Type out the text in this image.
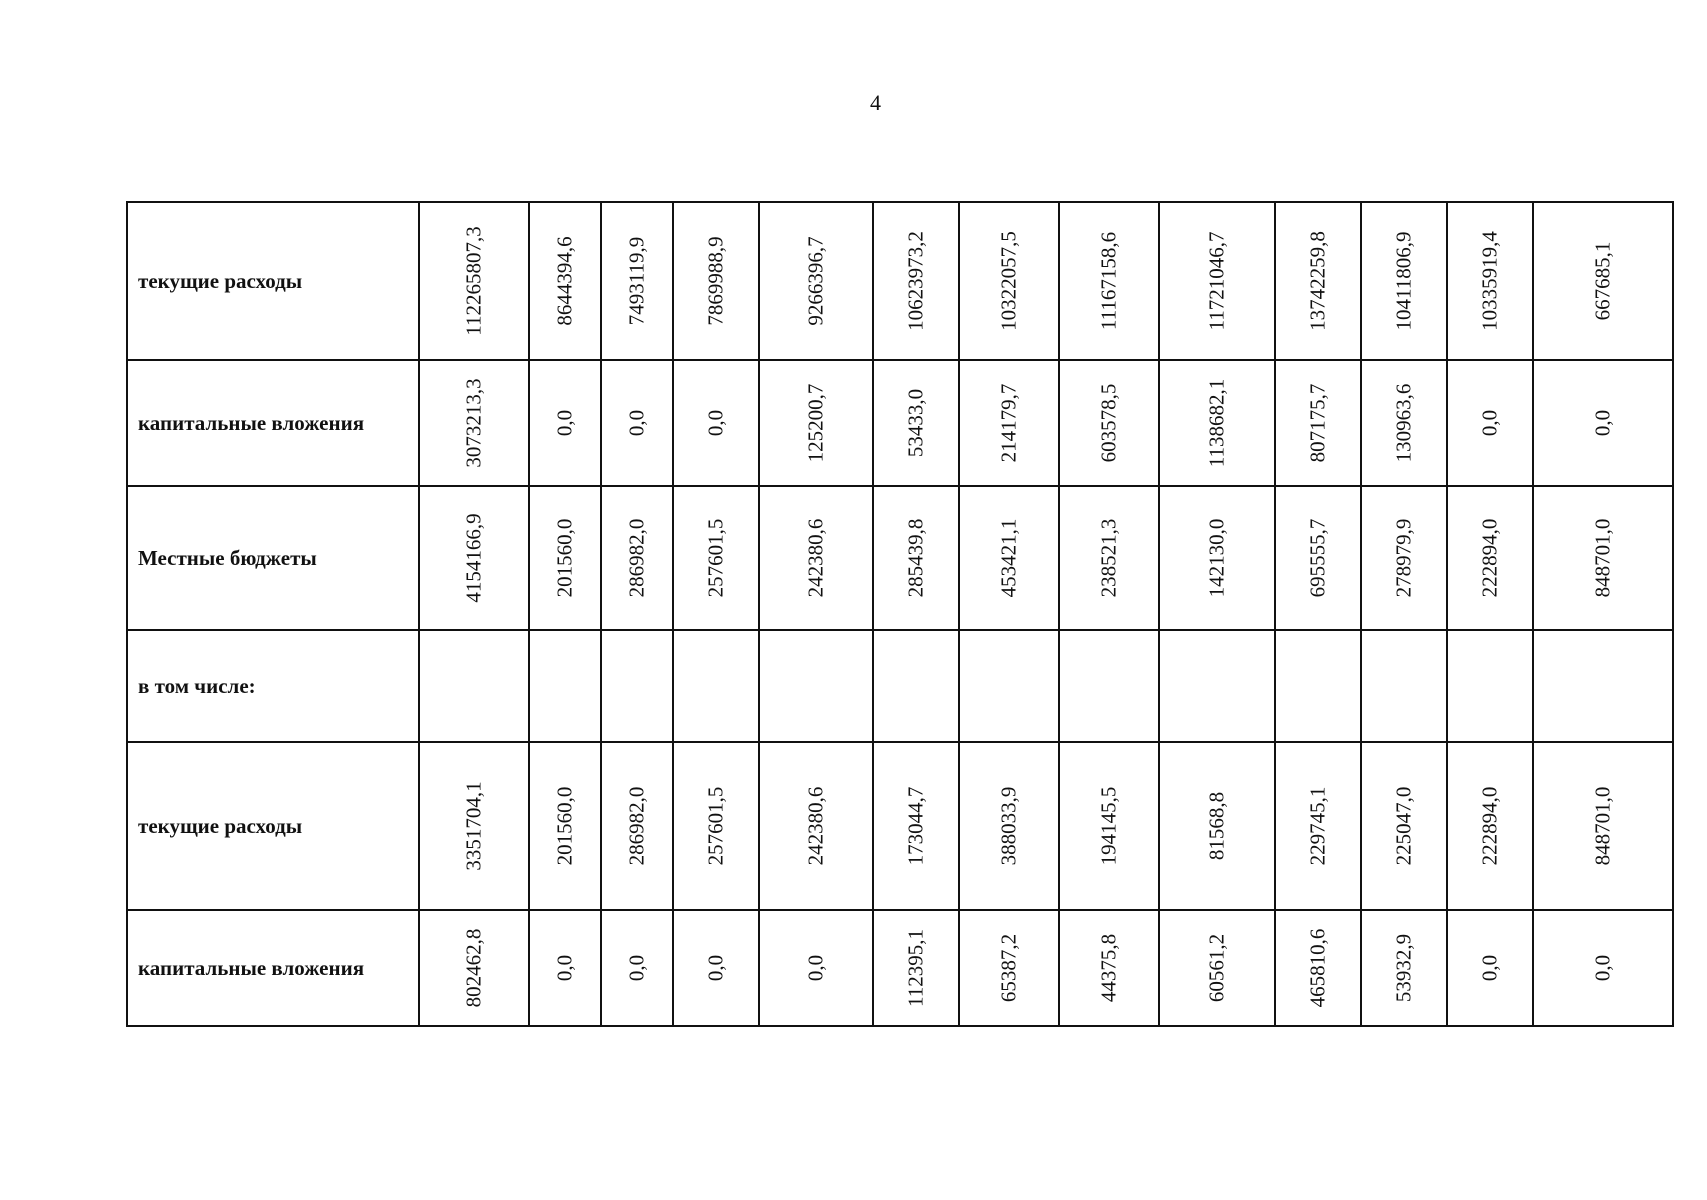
4
текущие расходы	112265807,3	8644394,6	7493119,9	7869988,9	9266396,7	10623973,2	10322057,5	11167158,6	11721046,7	13742259,8	10411806,9	10335919,4	667685,1

капитальные вложения	3073213,3	0,0	0,0	0,0	125200,7	53433,0	214179,7	603578,5	1138682,1	807175,7	130963,6	0,0	0,0

Местные бюджеты	4154166,9	201560,0	286982,0	257601,5	242380,6	285439,8	453421,1	238521,3	142130,0	695555,7	278979,9	222894,0	848701,0

в том числе:	

текущие расходы	3351704,1	201560,0	286982,0	257601,5	242380,6	173044,7	388033,9	194145,5	81568,8	229745,1	225047,0	222894,0	848701,0

капитальные вложения	802462,8	0,0	0,0	0,0	0,0	112395,1	65387,2	44375,8	60561,2	465810,6	53932,9	0,0	0,0
